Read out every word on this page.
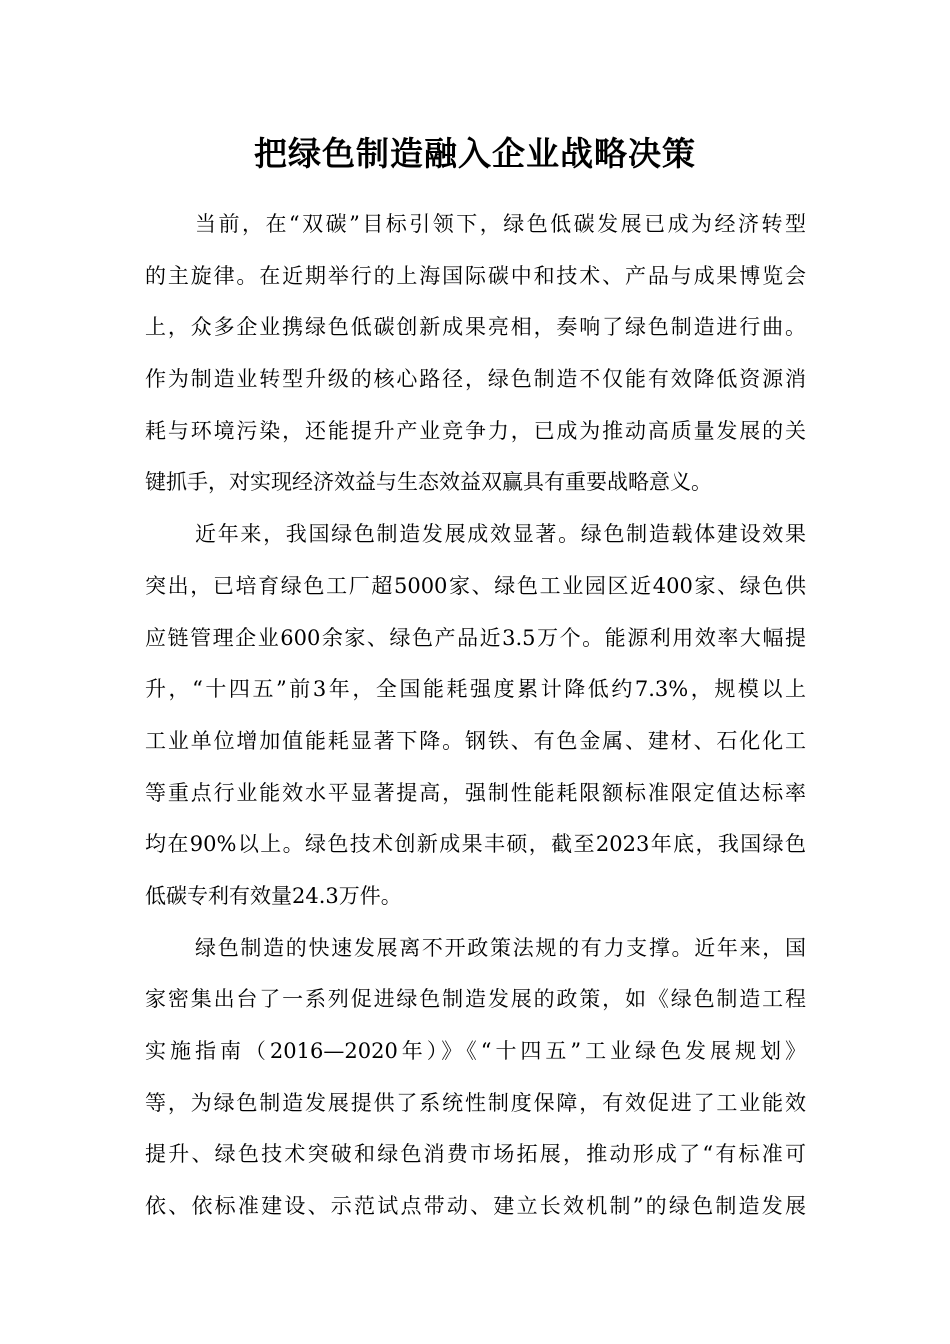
把绿色制造融入企业战略决策
当前，在“双碳”目标引领下，绿色低碳发展已成为经济转型
的主旋律。在近期举行的上海国际碳中和技术、产品与成果博览会
上，众多企业携绿色低碳创新成果亮相，奏响了绿色制造进行曲。
作为制造业转型升级的核心路径，绿色制造不仅能有效降低资源消
耗与环境污染，还能提升产业竞争力，已成为推动高质量发展的关
键抓手，对实现经济效益与生态效益双赢具有重要战略意义。
近年来，我国绿色制造发展成效显著。绿色制造载体建设效果
突出，已培育绿色工厂超5000家、绿色工业园区近400家、绿色供
应链管理企业600余家、绿色产品近3.5万个。能源利用效率大幅提
升，“十四五”前3年，全国能耗强度累计降低约7.3%，规模以上
工业单位增加值能耗显著下降。钢铁、有色金属、建材、石化化工
等重点行业能效水平显著提高，强制性能耗限额标准限定值达标率
均在90%以上。绿色技术创新成果丰硕，截至2023年底，我国绿色
低碳专利有效量24.3万件。
绿色制造的快速发展离不开政策法规的有力支撑。近年来，国
家密集出台了一系列促进绿色制造发展的政策，如《绿色制造工程
实施指南（2016—2020年）》《“十四五”工业绿色发展规划》
等，为绿色制造发展提供了系统性制度保障，有效促进了工业能效
提升、绿色技术突破和绿色消费市场拓展，推动形成了“有标准可
依、依标准建设、示范试点带动、建立长效机制”的绿色制造发展
